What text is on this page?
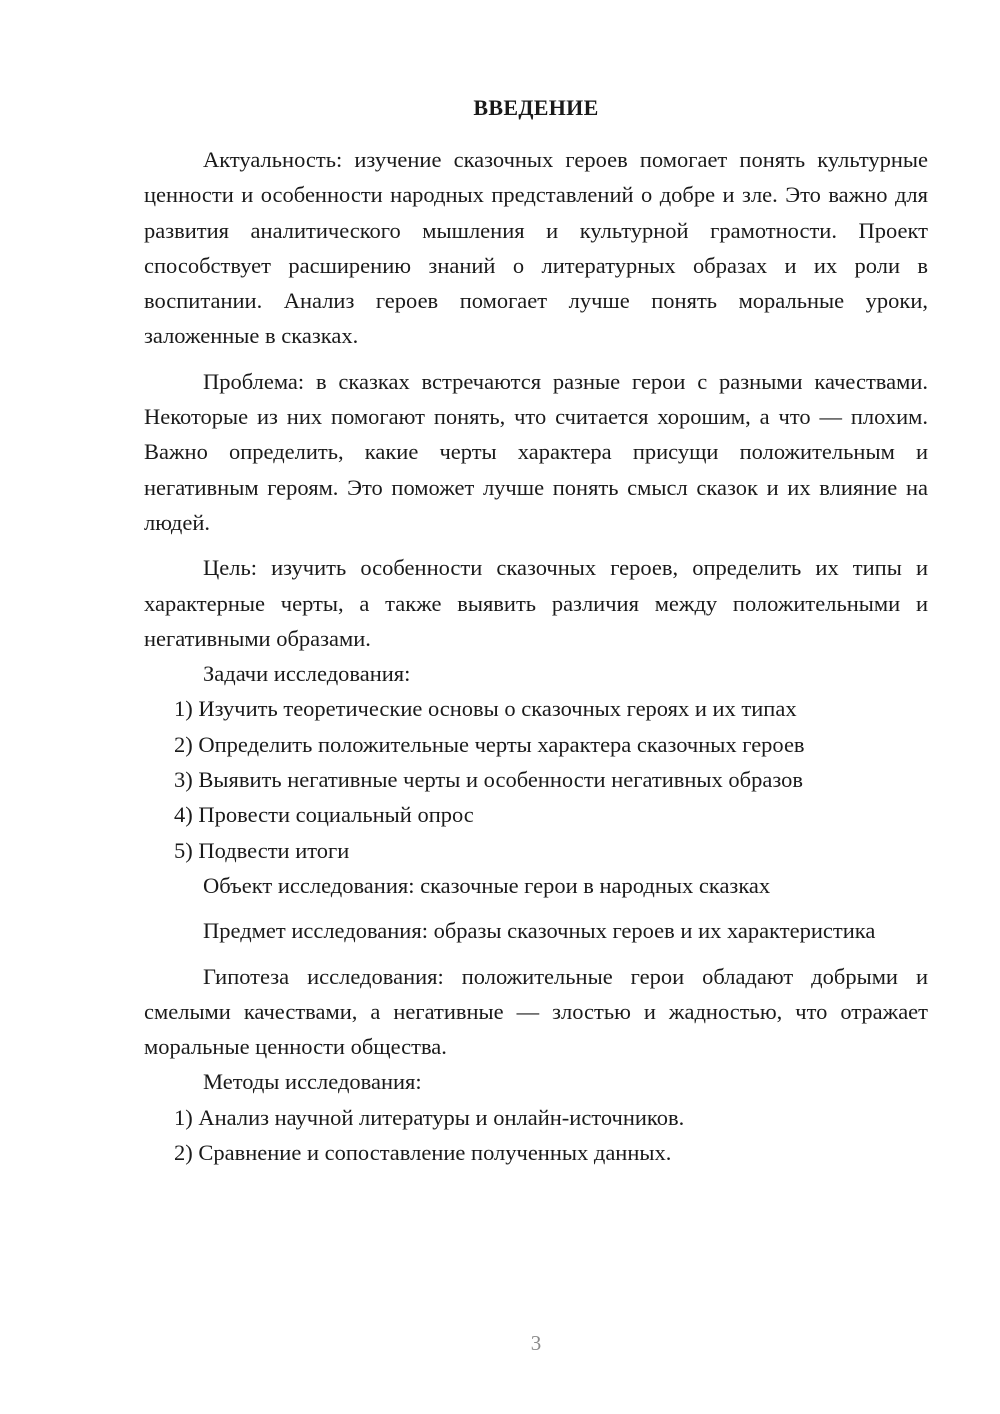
ВВЕДЕНИЕ

Актуальность: изучение сказочных героев помогает понять культурные ценности и особенности народных представлений о добре и зле. Это важно для развития аналитического мышления и культурной грамотности. Проект способствует расширению знаний о литературных образах и их роли в воспитании. Анализ героев помогает лучше понять моральные уроки, заложенные в сказках.

Проблема: в сказках встречаются разные герои с разными качествами. Некоторые из них помогают понять, что считается хорошим, а что — плохим. Важно определить, какие черты характера присущи положительным и негативным героям. Это поможет лучше понять смысл сказок и их влияние на людей.

Цель: изучить особенности сказочных героев, определить их типы и характерные черты, а также выявить различия между положительными и негативными образами.

Задачи исследования:

1) Изучить теоретические основы о сказочных героях и их типах

2) Определить положительные черты характера сказочных героев

3) Выявить негативные черты и особенности негативных образов

4) Провести социальный опрос

5) Подвести итоги

Объект исследования: сказочные герои в народных сказках

Предмет исследования: образы сказочных героев и их характеристика

Гипотеза исследования: положительные герои обладают добрыми и смелыми качествами, а негативные — злостью и жадностью, что отражает моральные ценности общества.

Методы исследования:

1) Анализ научной литературы и онлайн-источников.

2) Сравнение и сопоставление полученных данных.

3
